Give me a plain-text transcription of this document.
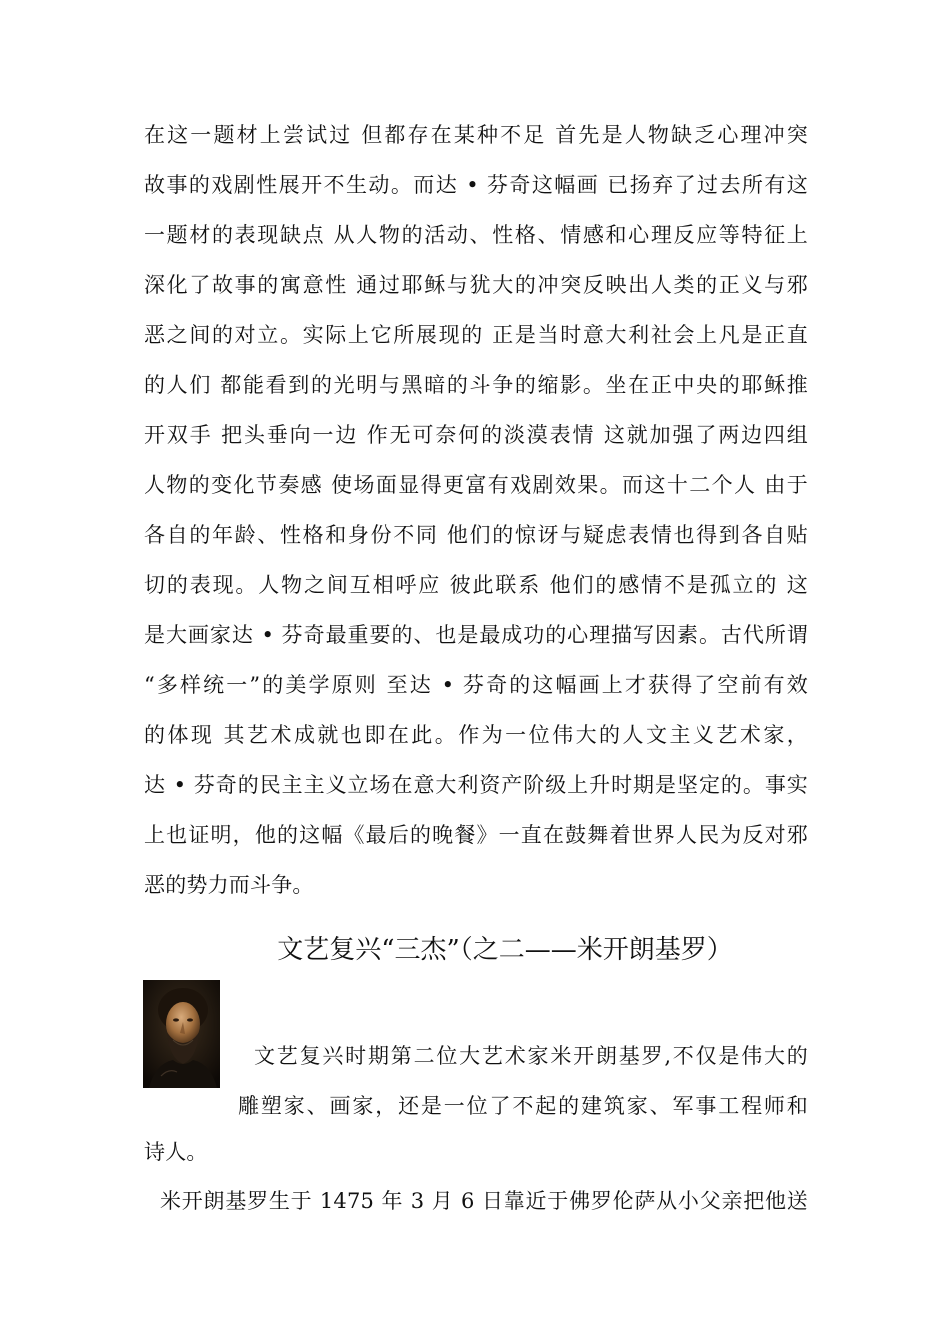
在这一题材上尝试过 但都存在某种不足 首先是人物缺乏心理冲突
故事的戏剧性展开不生动。而达 • 芬奇这幅画 已扬弃了过去所有这
一题材的表现缺点 从人物的活动、性格、情感和心理反应等特征上
深化了故事的寓意性 通过耶稣与犹大的冲突反映出人类的正义与邪
恶之间的对立。实际上它所展现的 正是当时意大利社会上凡是正直
的人们 都能看到的光明与黑暗的斗争的缩影。坐在正中央的耶稣推
开双手 把头垂向一边 作无可奈何的淡漠表情 这就加强了两边四组
人物的变化节奏感 使场面显得更富有戏剧效果。而这十二个人 由于
各自的年龄、性格和身份不同 他们的惊讶与疑虑表情也得到各自贴
切的表现。人物之间互相呼应 彼此联系 他们的感情不是孤立的 这
是大画家达 • 芬奇最重要的、也是最成功的心理描写因素。古代所谓
“多样统一”的美学原则 至达 • 芬奇的这幅画上才获得了空前有效
的体现 其艺术成就也即在此。作为一位伟大的人文主义艺术家，
达 • 芬奇的民主主义立场在意大利资产阶级上升时期是坚定的。事实
上也证明，他的这幅《最后的晚餐》一直在鼓舞着世界人民为反对邪
恶的势力而斗争。
文艺复兴“三杰”（之二——米开朗基罗）
文艺复兴时期第二位大艺术家米开朗基罗,不仅是伟大的
雕塑家、画家，还是一位了不起的建筑家、军事工程师和
诗人。
米开朗基罗生于 1475 年 3 月 6 日靠近于佛罗伦萨从小父亲把他送
